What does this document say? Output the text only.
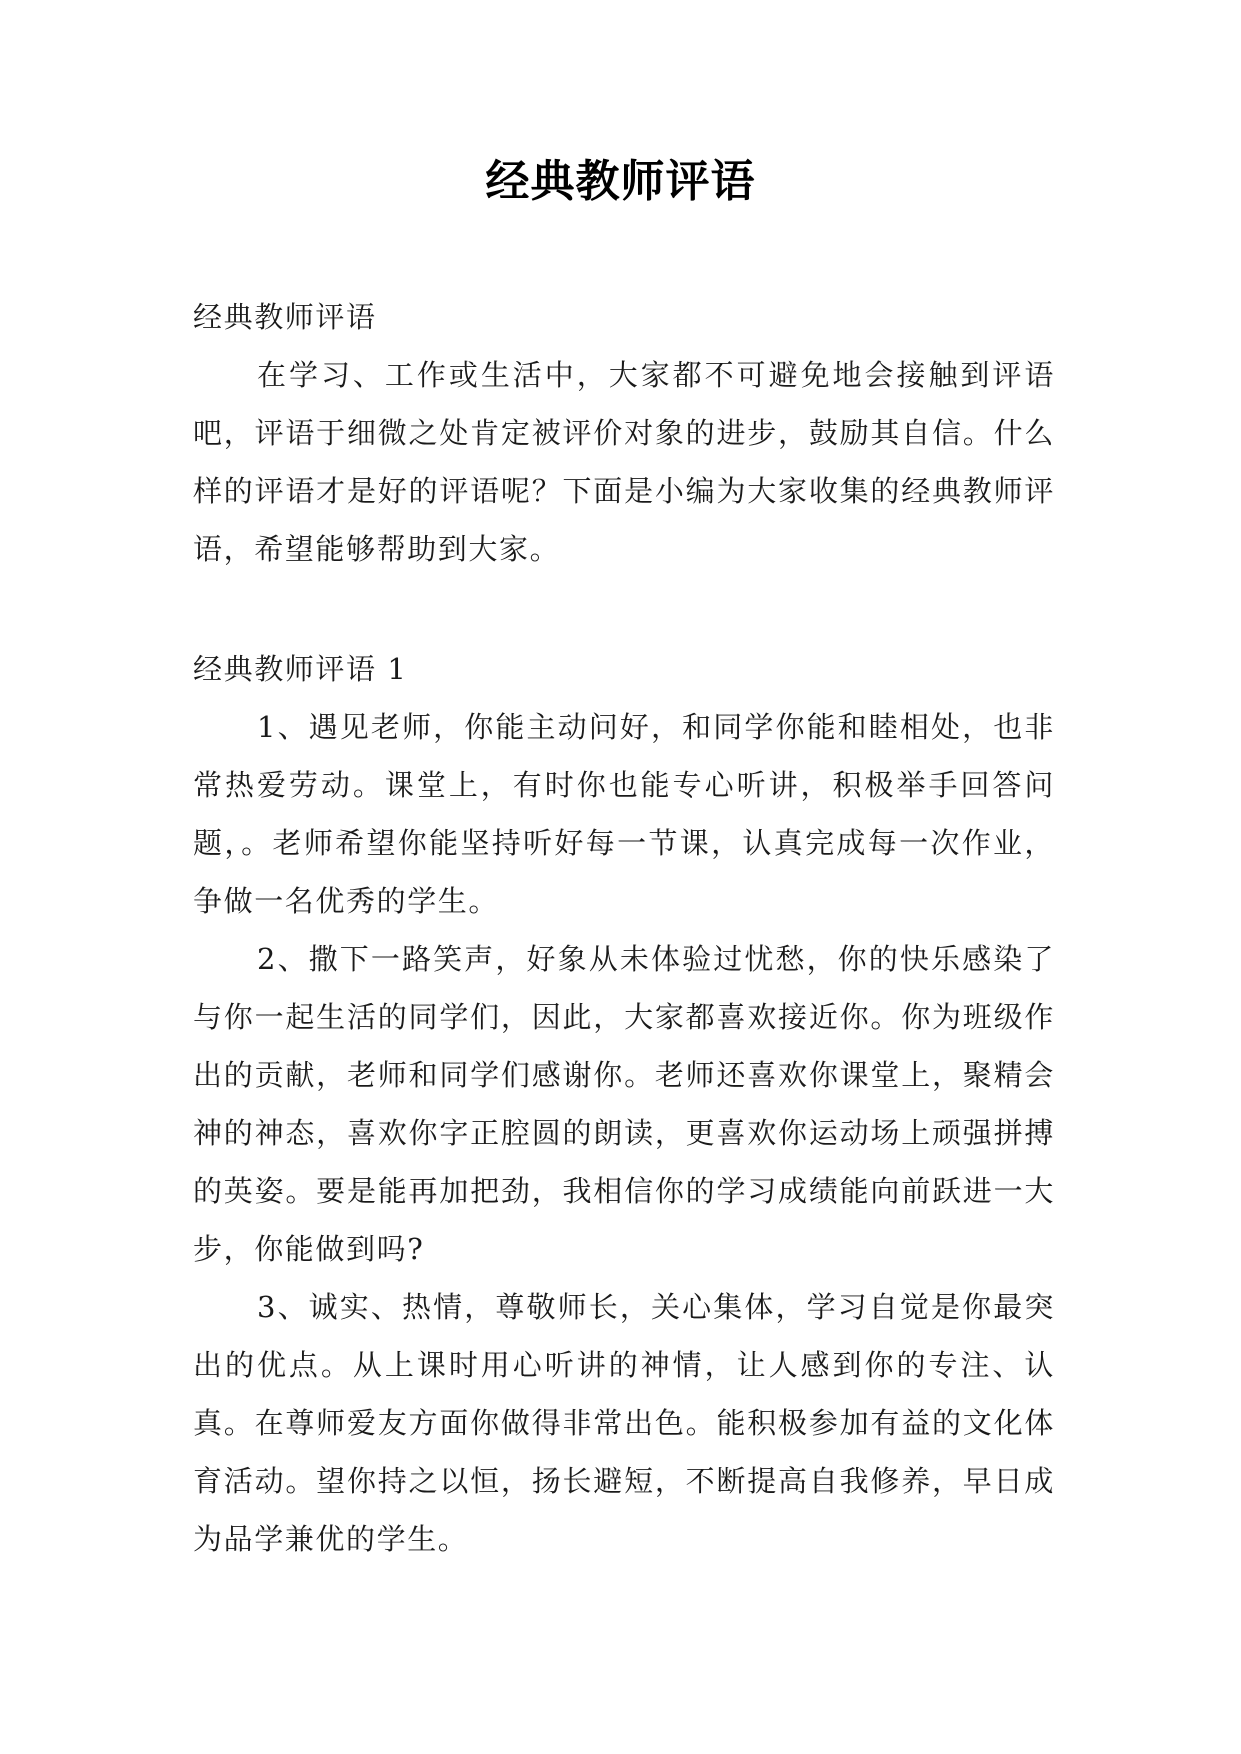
经典教师评语

经典教师评语

在学习、工作或生活中，大家都不可避免地会接触到评语吧，评语于细微之处肯定被评价对象的进步，鼓励其自信。什么样的评语才是好的评语呢？下面是小编为大家收集的经典教师评语，希望能够帮助到大家。

经典教师评语 1

1、遇见老师，你能主动问好，和同学你能和睦相处，也非常热爱劳动。课堂上，有时你也能专心听讲，积极举手回答问题，。老师希望你能坚持听好每一节课，认真完成每一次作业，争做一名优秀的学生。

2、撒下一路笑声，好象从未体验过忧愁，你的快乐感染了与你一起生活的同学们，因此，大家都喜欢接近你。你为班级作出的贡献，老师和同学们感谢你。老师还喜欢你课堂上，聚精会神的神态，喜欢你字正腔圆的朗读，更喜欢你运动场上顽强拼搏的英姿。要是能再加把劲，我相信你的学习成绩能向前跃进一大步，你能做到吗?

3、诚实、热情，尊敬师长，关心集体，学习自觉是你最突出的优点。从上课时用心听讲的神情，让人感到你的专注、认真。在尊师爱友方面你做得非常出色。能积极参加有益的文化体育活动。望你持之以恒，扬长避短，不断提高自我修养，早日成为品学兼优的学生。
